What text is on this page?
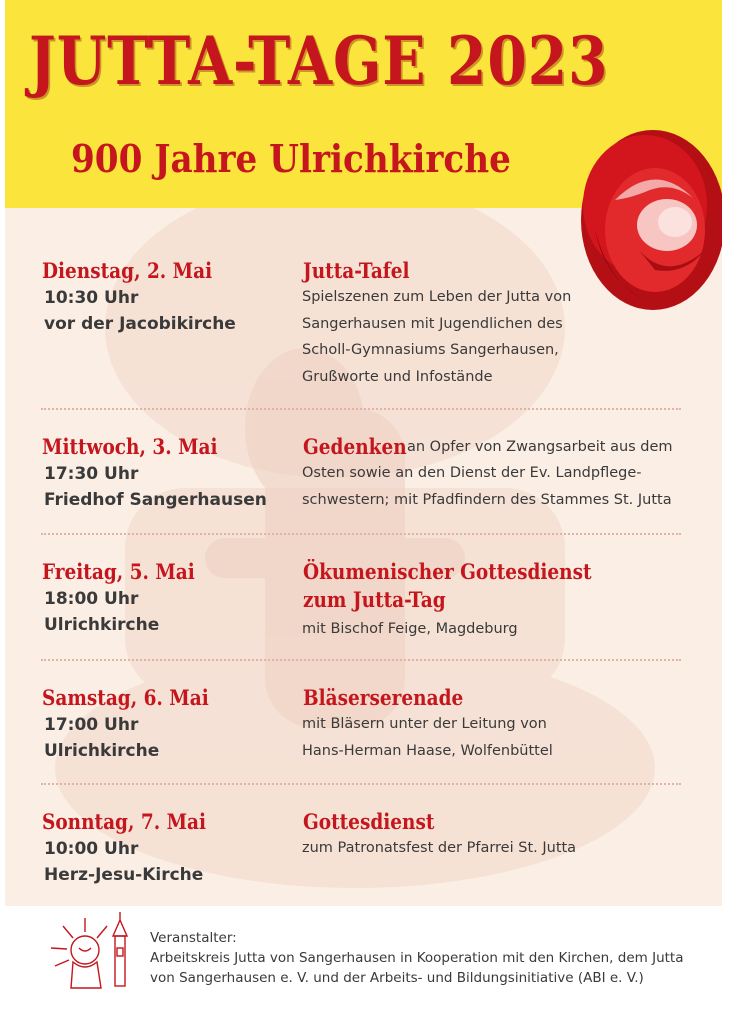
JUTTA-TAGE 2023
900 Jahre Ulrichkirche

Dienstag, 2. Mai

10:30 Uhr

vor der Jacobikirche

Jutta-Tafel

Spielszenen zum Leben der Jutta von

Sangerhausen mit Jugendlichen des

Scholl-Gymnasiums Sangerhausen,

Grußworte und Infostände

Mittwoch, 3. Mai

17:30 Uhr

Friedhof Sangerhausen

Gedenken an Opfer von Zwangsarbeit aus dem

Osten sowie an den Dienst der Ev. Landpflege-

schwestern; mit Pfadfindern des Stammes St. Jutta

Freitag, 5. Mai

18:00 Uhr

Ulrichkirche

Ökumenischer Gottesdienst

zum Jutta-Tag

mit Bischof Feige, Magdeburg

Samstag, 6. Mai

17:00 Uhr

Ulrichkirche

Bläserserenade

mit Bläsern unter der Leitung von

Hans-Herman Haase, Wolfenbüttel

Sonntag, 7. Mai

10:00 Uhr

Herz-Jesu-Kirche

Gottesdienst

zum Patronatsfest der Pfarrei St. Jutta

Veranstalter:

Arbeitskreis Jutta von Sangerhausen in Kooperation mit den Kirchen, dem Jutta

von Sangerhausen e. V. und der Arbeits- und Bildungsinitiative (ABI e. V.)
